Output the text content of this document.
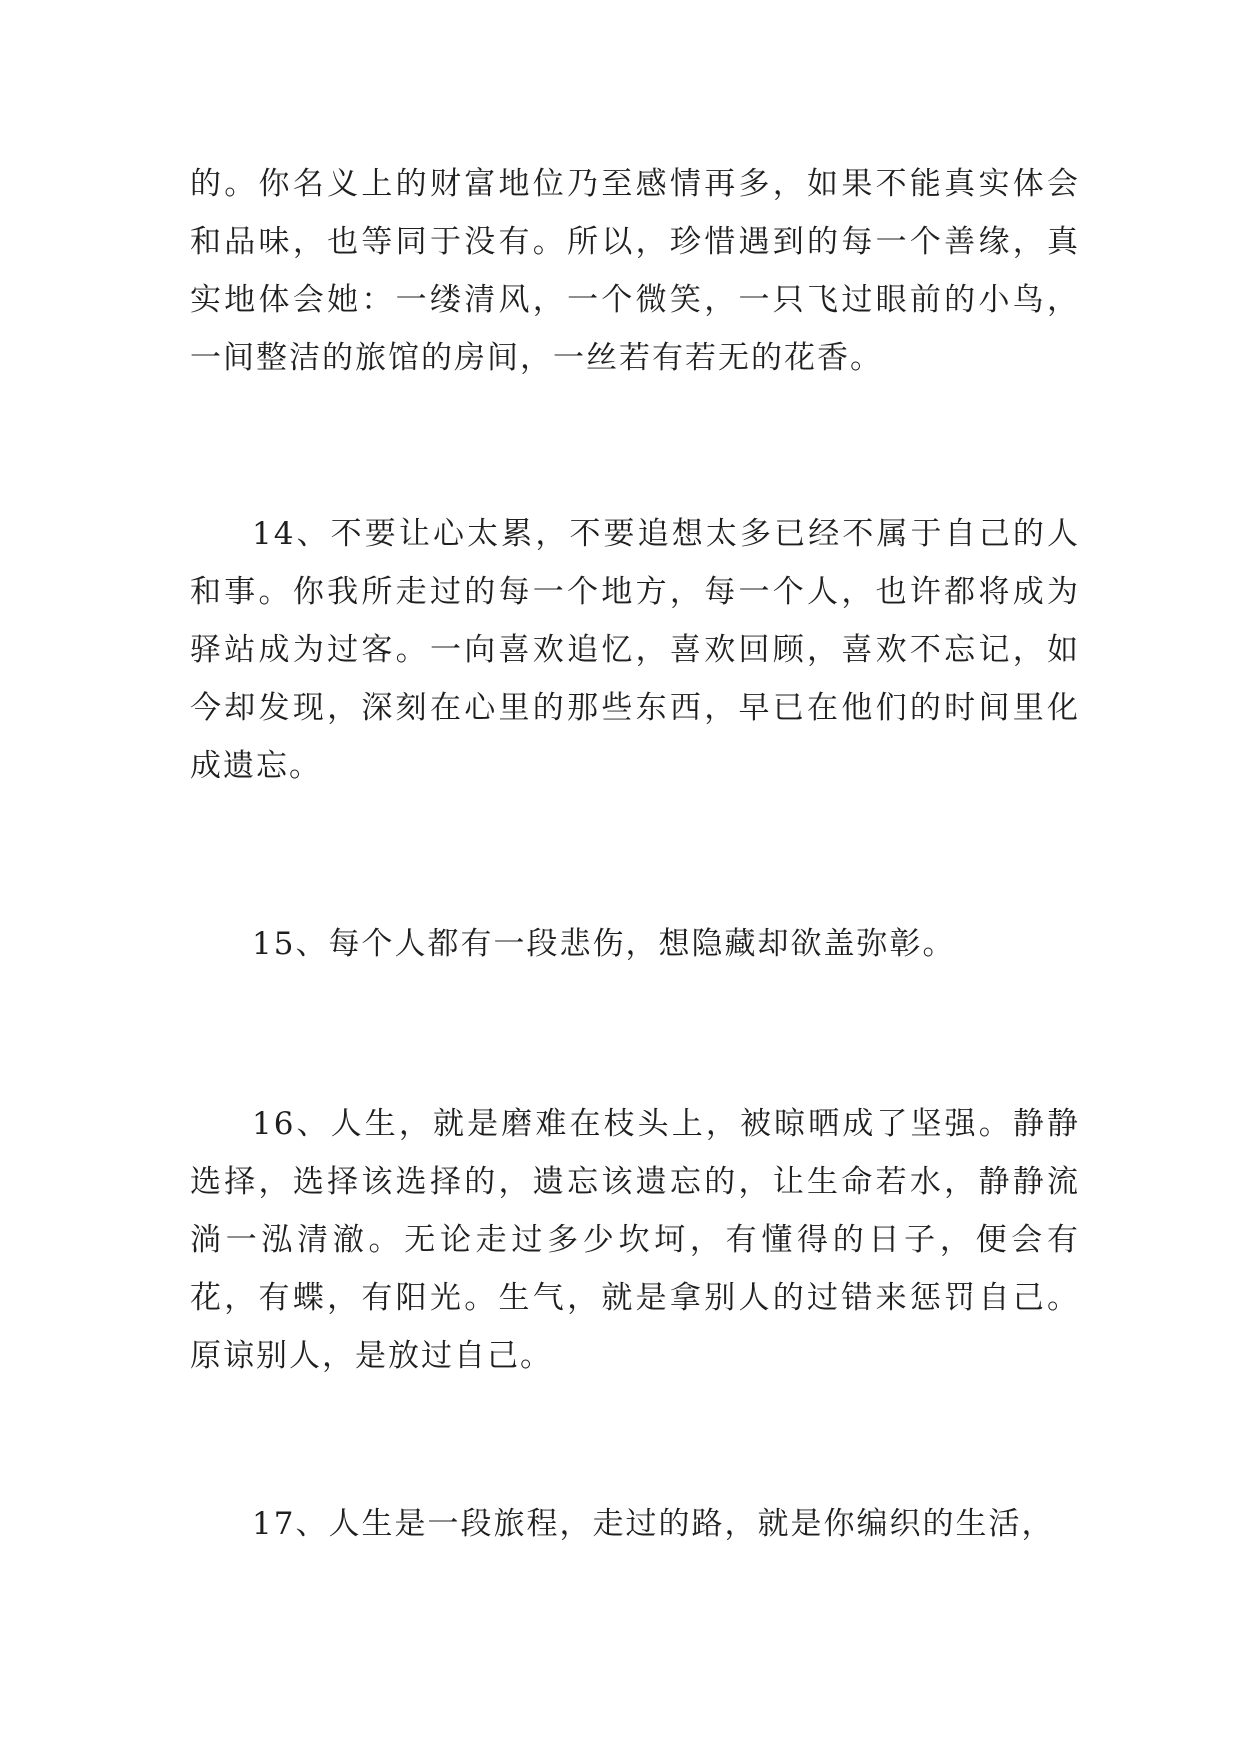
的。你名义上的财富地位乃至感情再多，如果不能真实体会和品味，也等同于没有。所以，珍惜遇到的每一个善缘，真实地体会她：一缕清风，一个微笑，一只飞过眼前的小鸟，一间整洁的旅馆的房间，一丝若有若无的花香。

14、不要让心太累，不要追想太多已经不属于自己的人和事。你我所走过的每一个地方，每一个人，也许都将成为驿站成为过客。一向喜欢追忆，喜欢回顾，喜欢不忘记，如今却发现，深刻在心里的那些东西，早已在他们的时间里化成遗忘。

15、每个人都有一段悲伤，想隐藏却欲盖弥彰。

16、人生，就是磨难在枝头上，被晾晒成了坚强。静静选择，选择该选择的，遗忘该遗忘的，让生命若水，静静流淌一泓清澈。无论走过多少坎坷，有懂得的日子，便会有花，有蝶，有阳光。生气，就是拿别人的过错来惩罚自己。原谅别人，是放过自己。

17、人生是一段旅程，走过的路，就是你编织的生活，
